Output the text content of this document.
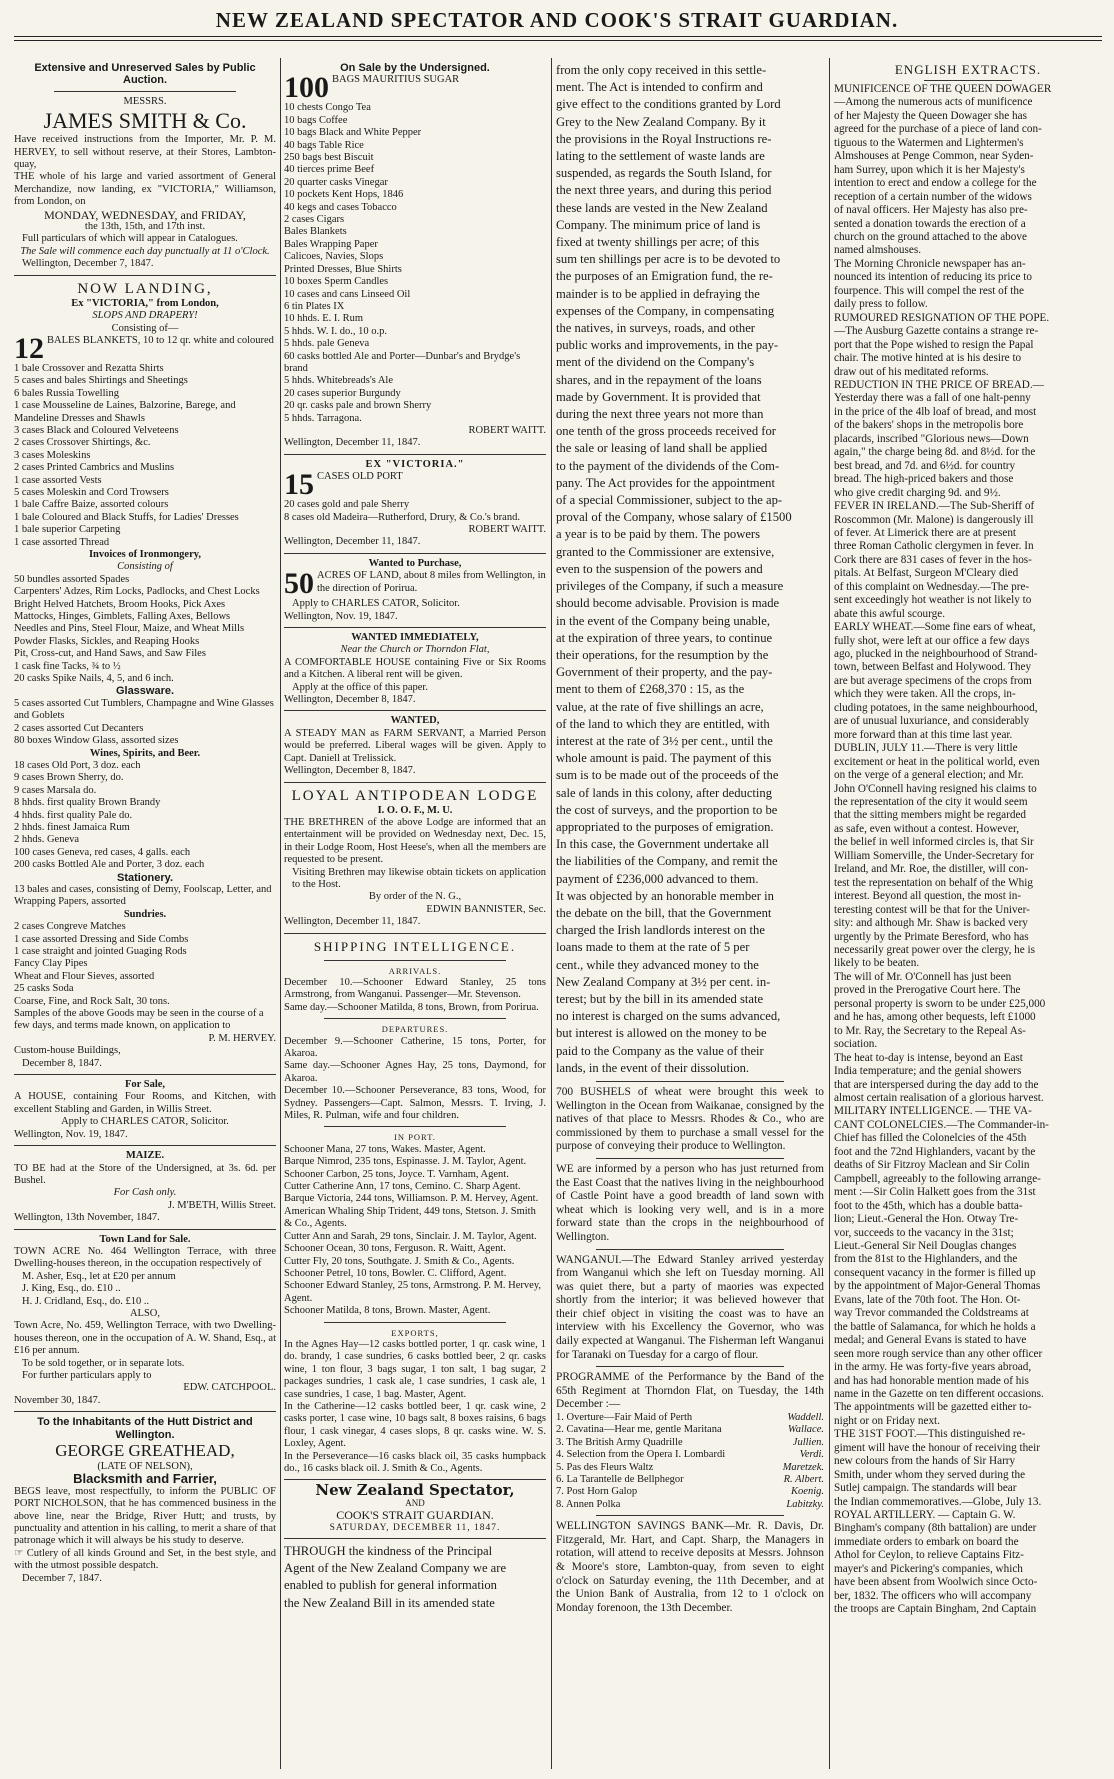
NEW ZEALAND SPECTATOR AND COOK'S STRAIT GUARDIAN.

Extensive and Unreserved Sales by Public Auction.

MESSRS.

JAMES SMITH & Co.

Have received instructions from the Importer, Mr. P. M. HERVEY, to sell without reserve, at their Stores, Lambton-quay,

THE whole of his large and varied assortment of General Merchandize, now landing, ex "VICTORIA," Williamson, from London, on

MONDAY, WEDNESDAY, and FRIDAY,

the 13th, 15th, and 17th inst.

Full particulars of which will appear in Catalogues.

The Sale will commence each day punctually at 11 o'Clock.

Wellington, December 7, 1847.

NOW LANDING,

Ex "VICTORIA," from London,

SLOPS AND DRAPERY!

Consisting of—

12 BALES BLANKETS, 10 to 12 qr. white and coloured

1 bale Crossover and Rezatta Shirts

5 cases and bales Shirtings and Sheetings

6 bales Russia Towelling

1 case Mousseline de Laines, Balzorine, Barege, and Mandeline Dresses and Shawls

3 cases Black and Coloured Velveteens

2 cases Crossover Shirtings, &c.

3 cases Moleskins

2 cases Printed Cambrics and Muslins

1 case assorted Vests

5 cases Moleskin and Cord Trowsers

1 bale Caffre Baize, assorted colours

1 bale Coloured and Black Stuffs, for Ladies' Dresses

1 bale superior Carpeting

1 case assorted Thread

Invoices of Ironmongery,

Consisting of

50 bundles assorted Spades

Carpenters' Adzes, Rim Locks, Padlocks, and Chest Locks

Bright Helved Hatchets, Broom Hooks, Pick Axes

Mattocks, Hinges, Gimblets, Falling Axes, Bellows

Needles and Pins, Steel Flour, Maize, and Wheat Mills

Powder Flasks, Sickles, and Reaping Hooks

Pit, Cross-cut, and Hand Saws, and Saw Files

1 cask fine Tacks, ¾ to ½

20 casks Spike Nails, 4, 5, and 6 inch.

Glassware.

5 cases assorted Cut Tumblers, Champagne and Wine Glasses and Goblets

2 cases assorted Cut Decanters

80 boxes Window Glass, assorted sizes

Wines, Spirits, and Beer.

18 cases Old Port, 3 doz. each

9 cases Brown Sherry, do.

9 cases Marsala do.

8 hhds. first quality Brown Brandy

4 hhds. first quality Pale do.

2 hhds. finest Jamaica Rum

2 hhds. Geneva

100 cases Geneva, red cases, 4 galls. each

200 casks Bottled Ale and Porter, 3 doz. each

Stationery.

13 bales and cases, consisting of Demy, Foolscap, Letter, and Wrapping Papers, assorted

Sundries.

2 cases Congreve Matches

1 case assorted Dressing and Side Combs

1 case straight and jointed Guaging Rods

Fancy Clay Pipes

Wheat and Flour Sieves, assorted

25 casks Soda

Coarse, Fine, and Rock Salt, 30 tons.

Samples of the above Goods may be seen in the course of a few days, and terms made known, on application to

P. M. HERVEY.

Custom-house Buildings,

December 8, 1847.

For Sale,

A HOUSE, containing Four Rooms, and Kitchen, with excellent Stabling and Garden, in Willis Street.

Apply to CHARLES CATOR, Solicitor.

Wellington, Nov. 19, 1847.

MAIZE.

TO BE had at the Store of the Undersigned, at 3s. 6d. per Bushel.

For Cash only.

J. M'BETH, Willis Street.

Wellington, 13th November, 1847.

Town Land for Sale.

TOWN ACRE No. 464 Wellington Terrace, with three Dwelling-houses thereon, in the occupation respectively of

M. Asher, Esq., let at £20 per annum

J. King, Esq., do. £10 ..

H. J. Cridland, Esq., do. £10 ..

ALSO,

Town Acre, No. 459, Wellington Terrace, with two Dwelling-houses thereon, one in the occupation of A. W. Shand, Esq., at £16 per annum.

To be sold together, or in separate lots.

For further particulars apply to

EDW. CATCHPOOL.

November 30, 1847.

To the Inhabitants of the Hutt District and Wellington.

GEORGE GREATHEAD,

(LATE OF NELSON),

Blacksmith and Farrier,

BEGS leave, most respectfully, to inform the PUBLIC OF PORT NICHOLSON, that he has commenced business in the above line, near the Bridge, River Hutt; and trusts, by punctuality and attention in his calling, to merit a share of that patronage which it will always be his study to deserve.

☞ Cutlery of all kinds Ground and Set, in the best style, and with the utmost possible despatch.

December 7, 1847.

On Sale by the Undersigned.

100 BAGS MAURITIUS SUGAR

10 chests Congo Tea

10 bags Coffee

10 bags Black and White Pepper

40 bags Table Rice

250 bags best Biscuit

40 tierces prime Beef

20 quarter casks Vinegar

10 pockets Kent Hops, 1846

40 kegs and cases Tobacco

2 cases Cigars

Bales Blankets

Bales Wrapping Paper

Calicoes, Navies, Slops

Printed Dresses, Blue Shirts

10 boxes Sperm Candles

10 cases and cans Linseed Oil

6 tin Plates IX

10 hhds. E. I. Rum

5 hhds. W. I. do., 10 o.p.

5 hhds. pale Geneva

60 casks bottled Ale and Porter—Dunbar's and Brydge's brand

5 hhds. Whitebreads's Ale

20 cases superior Burgundy

20 qr. casks pale and brown Sherry

5 hhds. Tarragona.

ROBERT WAITT.

Wellington, December 11, 1847.

EX "VICTORIA."

15 CASES OLD PORT

20 cases gold and pale Sherry

8 cases old Madeira—Rutherford, Drury, & Co.'s brand.

ROBERT WAITT.

Wellington, December 11, 1847.

Wanted to Purchase,

50 ACRES OF LAND, about 8 miles from Wellington, in the direction of Porirua.

Apply to CHARLES CATOR, Solicitor.

Wellington, Nov. 19, 1847.

WANTED IMMEDIATELY,

Near the Church or Thorndon Flat,

A COMFORTABLE HOUSE containing Five or Six Rooms and a Kitchen. A liberal rent will be given.

Apply at the office of this paper.

Wellington, December 8, 1847.

WANTED,

A STEADY MAN as FARM SERVANT, a Married Person would be preferred. Liberal wages will be given. Apply to Capt. Daniell at Trelissick.

Wellington, December 8, 1847.

LOYAL ANTIPODEAN LODGE

I. O. O. F., M. U.

THE BRETHREN of the above Lodge are informed that an entertainment will be provided on Wednesday next, Dec. 15, in their Lodge Room, Host Heese's, when all the members are requested to be present.

Visiting Brethren may likewise obtain tickets on application to the Host.

By order of the N. G.,

EDWIN BANNISTER, Sec.

Wellington, December 11, 1847.

SHIPPING INTELLIGENCE.

ARRIVALS.

December 10.—Schooner Edward Stanley, 25 tons Armstrong, from Wanganui. Passenger—Mr. Stevenson.

Same day.—Schooner Matilda, 8 tons, Brown, from Porirua.

DEPARTURES.

December 9.—Schooner Catherine, 15 tons, Porter, for Akaroa.

Same day.—Schooner Agnes Hay, 25 tons, Daymond, for Akaroa.

December 10.—Schooner Perseverance, 83 tons, Wood, for Sydney. Passengers—Capt. Salmon, Messrs. T. Irving, J. Miles, R. Pulman, wife and four children.

IN PORT.

Schooner Mana, 27 tons, Wakes. Master, Agent.

Barque Nimrod, 235 tons, Espinasse. J. M. Taylor, Agent.

Schooner Carbon, 25 tons, Joyce. T. Varnham, Agent.

Cutter Catherine Ann, 17 tons, Cemino. C. Sharp Agent.

Barque Victoria, 244 tons, Williamson. P. M. Hervey, Agent.

American Whaling Ship Trident, 449 tons, Stetson. J. Smith & Co., Agents.

Cutter Ann and Sarah, 29 tons, Sinclair. J. M. Taylor, Agent.

Schooner Ocean, 30 tons, Ferguson. R. Waitt, Agent.

Cutter Fly, 20 tons, Southgate. J. Smith & Co., Agents.

Schooner Petrel, 10 tons, Bowler. C. Clifford, Agent.

Schooner Edward Stanley, 25 tons, Armstrong. P. M. Hervey, Agent.

Schooner Matilda, 8 tons, Brown. Master, Agent.

EXPORTS,

In the Agnes Hay—12 casks bottled porter, 1 qr. cask wine, 1 do. brandy, 1 case sundries, 6 casks bottled beer, 2 qr. casks wine, 1 ton flour, 3 bags sugar, 1 ton salt, 1 bag sugar, 2 packages sundries, 1 cask ale, 1 case sundries, 1 cask ale, 1 case sundries, 1 case, 1 bag. Master, Agent.

In the Catherine—12 casks bottled beer, 1 qr. cask wine, 2 casks porter, 1 case wine, 10 bags salt, 8 boxes raisins, 6 bags flour, 1 cask vinegar, 4 cases slops, 8 qr. casks wine. W. S. Loxley, Agent.

In the Perseverance—16 casks black oil, 35 casks humpback do., 16 casks black oil. J. Smith & Co., Agents.

New Zealand Spectator,

AND

COOK'S STRAIT GUARDIAN.

SATURDAY, DECEMBER 11, 1847.

THROUGH the kindness of the Principal

Agent of the New Zealand Company we are

enabled to publish for general information

the New Zealand Bill in its amended state

from the only copy received in this settle-

ment. The Act is intended to confirm and

give effect to the conditions granted by Lord

Grey to the New Zealand Company. By it

the provisions in the Royal Instructions re-

lating to the settlement of waste lands are

suspended, as regards the South Island, for

the next three years, and during this period

these lands are vested in the New Zealand

Company. The minimum price of land is

fixed at twenty shillings per acre; of this

sum ten shillings per acre is to be devoted to

the purposes of an Emigration fund, the re-

mainder is to be applied in defraying the

expenses of the Company, in compensating

the natives, in surveys, roads, and other

public works and improvements, in the pay-

ment of the dividend on the Company's

shares, and in the repayment of the loans

made by Government. It is provided that

during the next three years not more than

one tenth of the gross proceeds received for

the sale or leasing of land shall be applied

to the payment of the dividends of the Com-

pany. The Act provides for the appointment

of a special Commissioner, subject to the ap-

proval of the Company, whose salary of £1500

a year is to be paid by them. The powers

granted to the Commissioner are extensive,

even to the suspension of the powers and

privileges of the Company, if such a measure

should become advisable. Provision is made

in the event of the Company being unable,

at the expiration of three years, to continue

their operations, for the resumption by the

Government of their property, and the pay-

ment to them of £268,370 : 15, as the

value, at the rate of five shillings an acre,

of the land to which they are entitled, with

interest at the rate of 3½ per cent., until the

whole amount is paid. The payment of this

sum is to be made out of the proceeds of the

sale of lands in this colony, after deducting

the cost of surveys, and the proportion to be

appropriated to the purposes of emigration.

In this case, the Government undertake all

the liabilities of the Company, and remit the

payment of £236,000 advanced to them.

It was objected by an honorable member in

the debate on the bill, that the Government

charged the Irish landlords interest on the

loans made to them at the rate of 5 per

cent., while they advanced money to the

New Zealand Company at 3½ per cent. in-

terest; but by the bill in its amended state

no interest is charged on the sums advanced,

but interest is allowed on the money to be

paid to the Company as the value of their

lands, in the event of their dissolution.

700 BUSHELS of wheat were brought this week to Wellington in the Ocean from Waikanae, consigned by the natives of that place to Messrs. Rhodes & Co., who are commissioned by them to purchase a small vessel for the purpose of conveying their produce to Wellington.

WE are informed by a person who has just returned from the East Coast that the natives living in the neighbourhood of Castle Point have a good breadth of land sown with wheat which is looking very well, and is in a more forward state than the crops in the neighbourhood of Wellington.

WANGANUI.—The Edward Stanley arrived yesterday from Wanganui which she left on Tuesday morning. All was quiet there, but a party of maories was expected shortly from the interior; it was believed however that their chief object in visiting the coast was to have an interview with his Excellency the Governor, who was daily expected at Wanganui. The Fisherman left Wanganui for Taranaki on Tuesday for a cargo of flour.

PROGRAMME of the Performance by the Band of the 65th Regiment at Thorndon Flat, on Tuesday, the 14th December :—

1. Overture—Fair Maid of Perth	Waddell.
2. Cavatina—Hear me, gentle Maritana	Wallace.
3. The British Army Quadrille	Jullien.
4. Selection from the Opera I. Lombardi	Verdi.
5. Pas des Fleurs Waltz	Maretzek.
6. La Tarantelle de Bellphegor	R. Albert.
7. Post Horn Galop	Koenig.
8. Annen Polka	Labitzky.

WELLINGTON SAVINGS BANK—Mr. R. Davis, Dr. Fitzgerald, Mr. Hart, and Capt. Sharp, the Managers in rotation, will attend to receive deposits at Messrs. Johnson & Moore's store, Lambton-quay, from seven to eight o'clock on Saturday evening, the 11th December, and at the Union Bank of Australia, from 12 to 1 o'clock on Monday forenoon, the 13th December.

ENGLISH EXTRACTS.

MUNIFICENCE OF THE QUEEN DOWAGER

—Among the numerous acts of munificence

of her Majesty the Queen Dowager she has

agreed for the purchase of a piece of land con-

tiguous to the Watermen and Lightermen's

Almshouses at Penge Common, near Syden-

ham Surrey, upon which it is her Majesty's

intention to erect and endow a college for the

reception of a certain number of the widows

of naval officers. Her Majesty has also pre-

sented a donation towards the erection of a

church on the ground attached to the above

named almshouses.

The Morning Chronicle newspaper has an-

nounced its intention of reducing its price to

fourpence. This will compel the rest of the

daily press to follow.

RUMOURED RESIGNATION OF THE POPE.

—The Ausburg Gazette contains a strange re-

port that the Pope wished to resign the Papal

chair. The motive hinted at is his desire to

draw out of his meditated reforms.

REDUCTION IN THE PRICE OF BREAD.—

Yesterday there was a fall of one halt-penny

in the price of the 4lb loaf of bread, and most

of the bakers' shops in the metropolis bore

placards, inscribed "Glorious news—Down

again," the charge being 8d. and 8½d. for the

best bread, and 7d. and 6½d. for country

bread. The high-priced bakers and those

who give credit charging 9d. and 9½.

FEVER IN IRELAND.—The Sub-Sheriff of

Roscommon (Mr. Malone) is dangerously ill

of fever. At Limerick there are at present

three Roman Catholic clergymen in fever. In

Cork there are 831 cases of fever in the hos-

pitals. At Belfast, Surgeon M'Cleary died

of this complaint on Wednesday.—The pre-

sent exceedingly hot weather is not likely to

abate this awful scourge.

EARLY WHEAT.—Some fine ears of wheat,

fully shot, were left at our office a few days

ago, plucked in the neighbourhood of Strand-

town, between Belfast and Holywood. They

are but average specimens of the crops from

which they were taken. All the crops, in-

cluding potatoes, in the same neighbourhood,

are of unusual luxuriance, and considerably

more forward than at this time last year.

DUBLIN, JULY 11.—There is very little

excitement or heat in the political world, even

on the verge of a general election; and Mr.

John O'Connell having resigned his claims to

the representation of the city it would seem

that the sitting members might be regarded

as safe, even without a contest. However,

the belief in well informed circles is, that Sir

William Somerville, the Under-Secretary for

Ireland, and Mr. Roe, the distiller, will con-

test the representation on behalf of the Whig

interest. Beyond all question, the most in-

teresting contest will be that for the Univer-

sity: and although Mr. Shaw is backed very

urgently by the Primate Beresford, who has

necessarily great power over the clergy, he is

likely to be beaten.

The will of Mr. O'Connell has just been

proved in the Prerogative Court here. The

personal property is sworn to be under £25,000

and he has, among other bequests, left £1000

to Mr. Ray, the Secretary to the Repeal As-

sociation.

The heat to-day is intense, beyond an East

India temperature; and the genial showers

that are interspersed during the day add to the

almost certain realisation of a glorious harvest.

MILITARY INTELLIGENCE. — THE VA-

CANT COLONELCIES.—The Commander-in-

Chief has filled the Colonelcies of the 45th

foot and the 72nd Highlanders, vacant by the

deaths of Sir Fitzroy Maclean and Sir Colin

Campbell, agreeably to the following arrange-

ment :—Sir Colin Halkett goes from the 31st

foot to the 45th, which has a double batta-

lion; Lieut.-General the Hon. Otway Tre-

vor, succeeds to the vacancy in the 31st;

Lieut.-General Sir Neil Douglas changes

from the 81st to the Highlanders, and the

consequent vacancy in the former is filled up

by the appointment of Major-General Thomas

Evans, late of the 70th foot. The Hon. Ot-

way Trevor commanded the Coldstreams at

the battle of Salamanca, for which he holds a

medal; and General Evans is stated to have

seen more rough service than any other officer

in the army. He was forty-five years abroad,

and has had honorable mention made of his

name in the Gazette on ten different occasions.

The appointments will be gazetted either to-

night or on Friday next.

THE 31ST FOOT.—This distinguished re-

giment will have the honour of receiving their

new colours from the hands of Sir Harry

Smith, under whom they served during the

Sutlej campaign. The standards will bear

the Indian commemoratives.—Globe, July 13.

ROYAL ARTILLERY. — Captain G. W.

Bingham's company (8th battalion) are under

immediate orders to embark on board the

Athol for Ceylon, to relieve Captains Fitz-

mayer's and Pickering's companies, which

have been absent from Woolwich since Octo-

ber, 1832. The officers who will accompany

the troops are Captain Bingham, 2nd Captain
